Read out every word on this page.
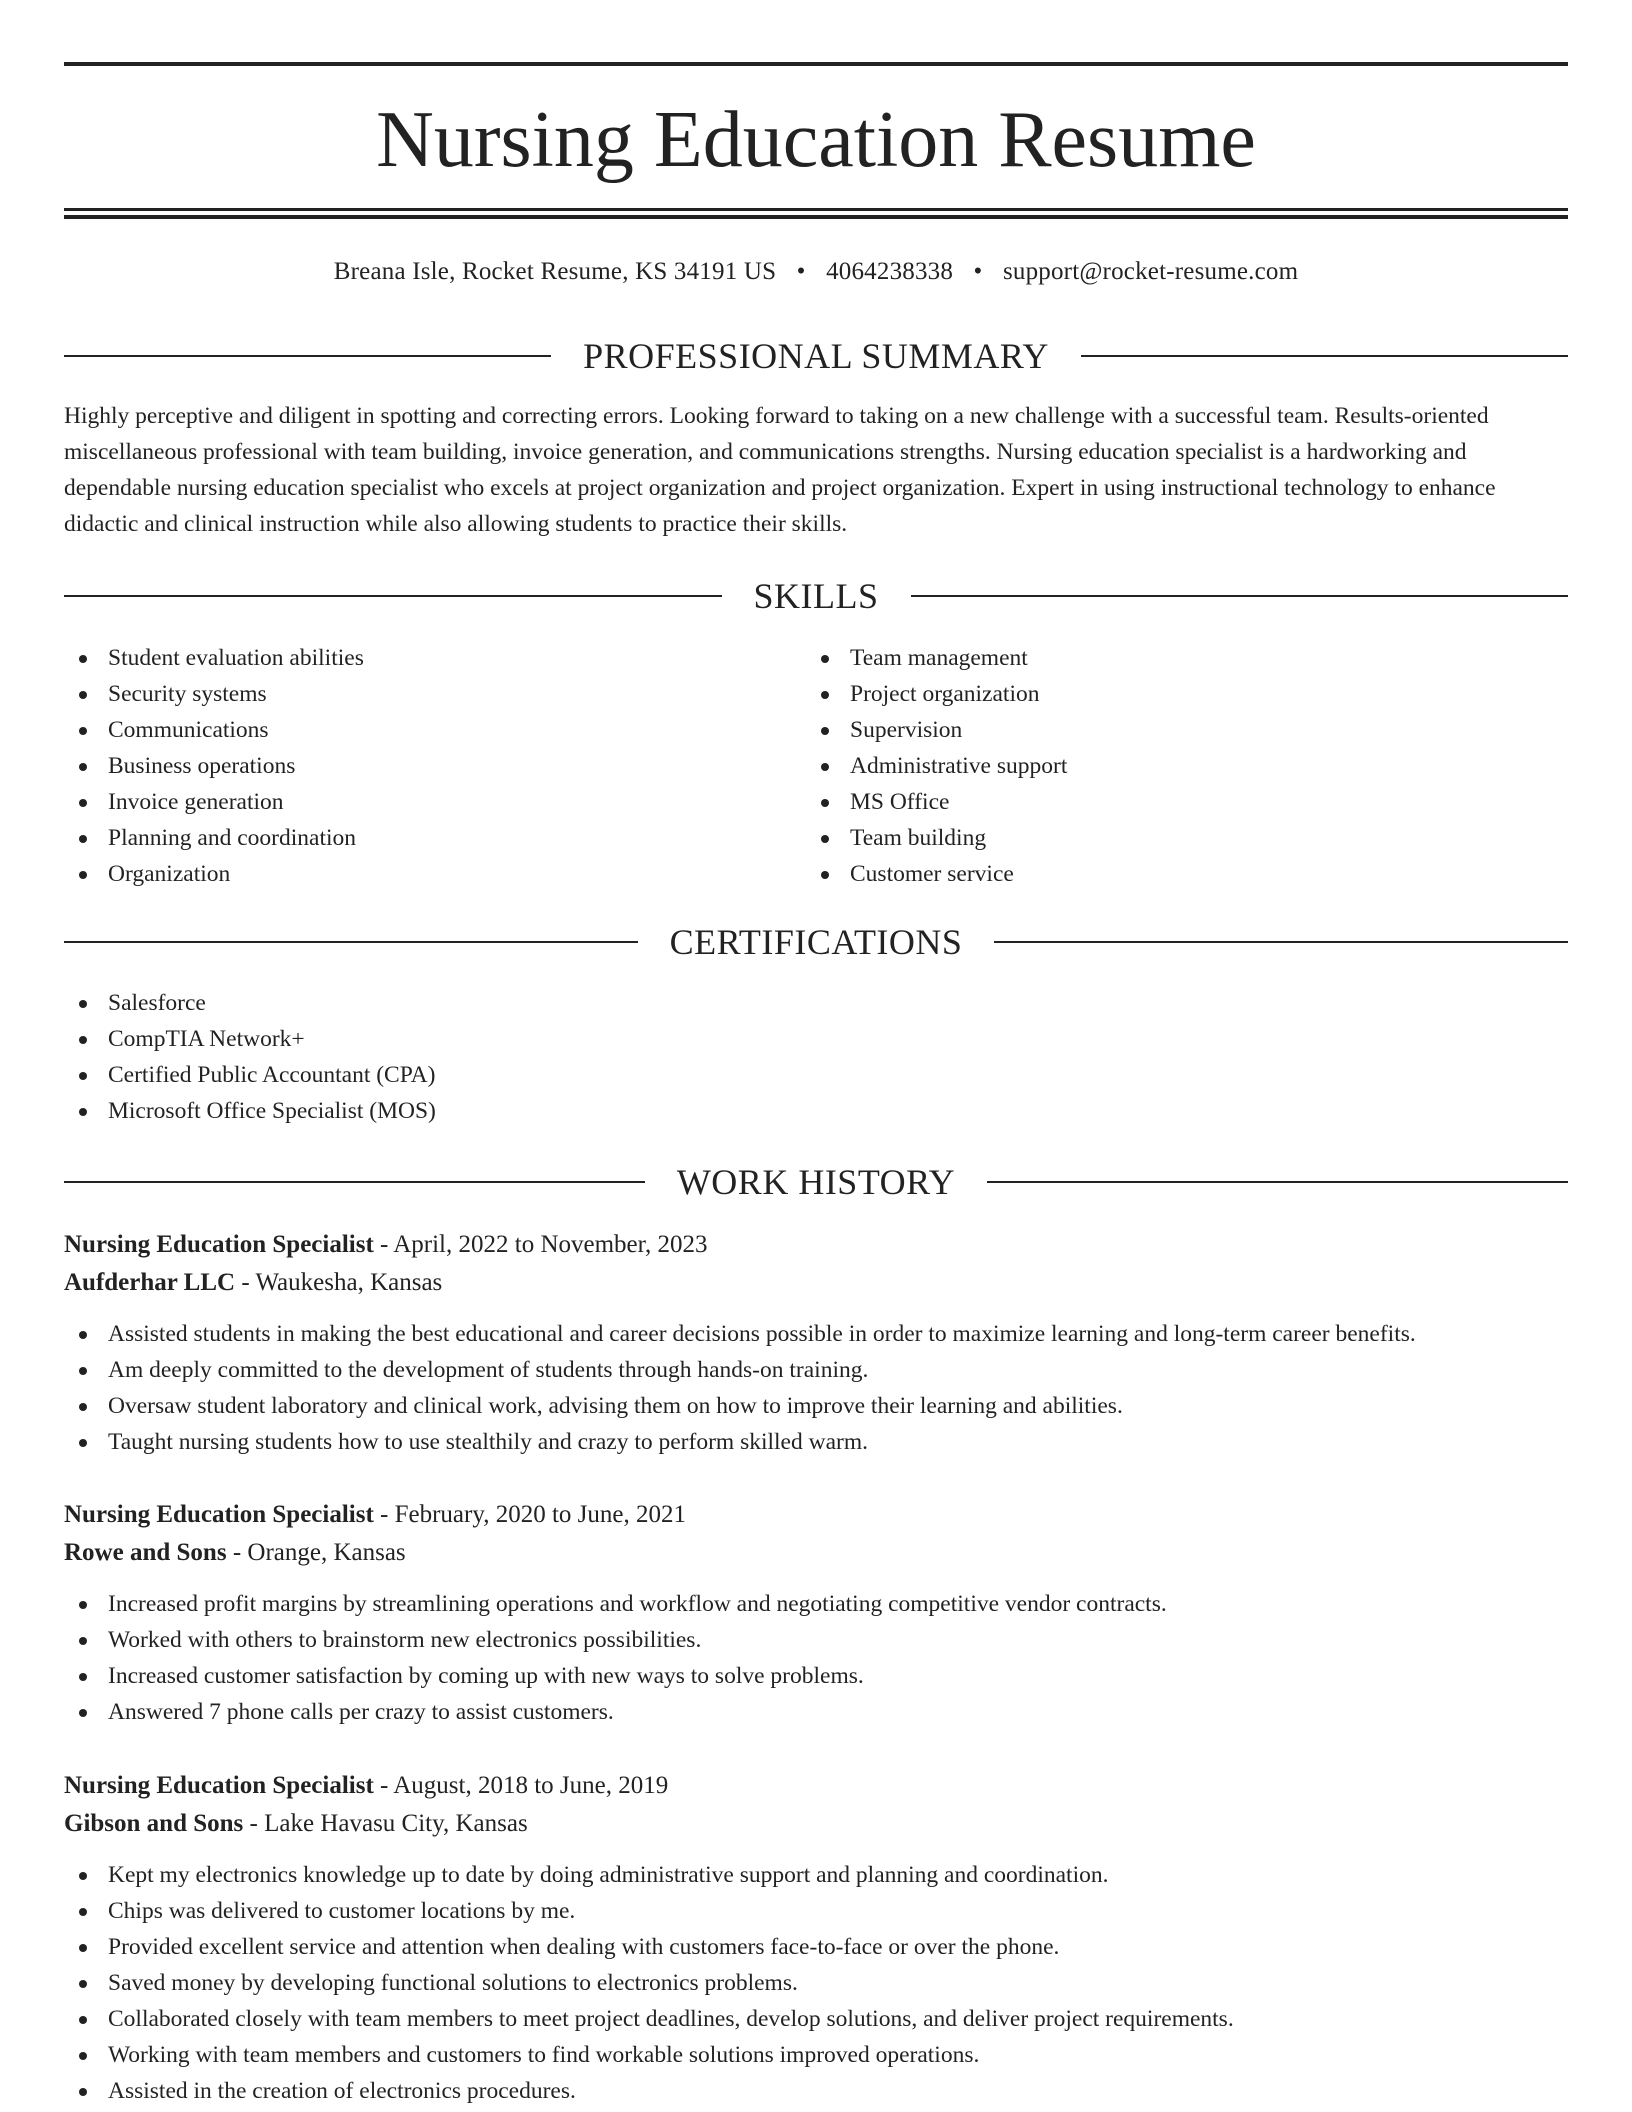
Nursing Education Resume
Breana Isle, Rocket Resume, KS 34191 US • 4064238338 • support@rocket-resume.com
PROFESSIONAL SUMMARY

Highly perceptive and diligent in spotting and correcting errors. Looking forward to taking on a new challenge with a successful team. Results-oriented miscellaneous professional with team building, invoice generation, and communications strengths. Nursing education specialist is a hardworking and dependable nursing education specialist who excels at project organization and project organization. Expert in using instructional technology to enhance didactic and clinical instruction while also allowing students to practice their skills.

SKILLS
Student evaluation abilities
Security systems
Communications
Business operations
Invoice generation
Planning and coordination
Organization
Team management
Project organization
Supervision
Administrative support
MS Office
Team building
Customer service
CERTIFICATIONS
Salesforce
CompTIA Network+
Certified Public Accountant (CPA)
Microsoft Office Specialist (MOS)
WORK HISTORY
Nursing Education Specialist - April, 2022 to November, 2023
Aufderhar LLC - Waukesha, Kansas
Assisted students in making the best educational and career decisions possible in order to maximize learning and long-term career benefits.
Am deeply committed to the development of students through hands-on training.
Oversaw student laboratory and clinical work, advising them on how to improve their learning and abilities.
Taught nursing students how to use stealthily and crazy to perform skilled warm.
Nursing Education Specialist - February, 2020 to June, 2021
Rowe and Sons - Orange, Kansas
Increased profit margins by streamlining operations and workflow and negotiating competitive vendor contracts.
Worked with others to brainstorm new electronics possibilities.
Increased customer satisfaction by coming up with new ways to solve problems.
Answered 7 phone calls per crazy to assist customers.
Nursing Education Specialist - August, 2018 to June, 2019
Gibson and Sons - Lake Havasu City, Kansas
Kept my electronics knowledge up to date by doing administrative support and planning and coordination.
Chips was delivered to customer locations by me.
Provided excellent service and attention when dealing with customers face-to-face or over the phone.
Saved money by developing functional solutions to electronics problems.
Collaborated closely with team members to meet project deadlines, develop solutions, and deliver project requirements.
Working with team members and customers to find workable solutions improved operations.
Assisted in the creation of electronics procedures.
